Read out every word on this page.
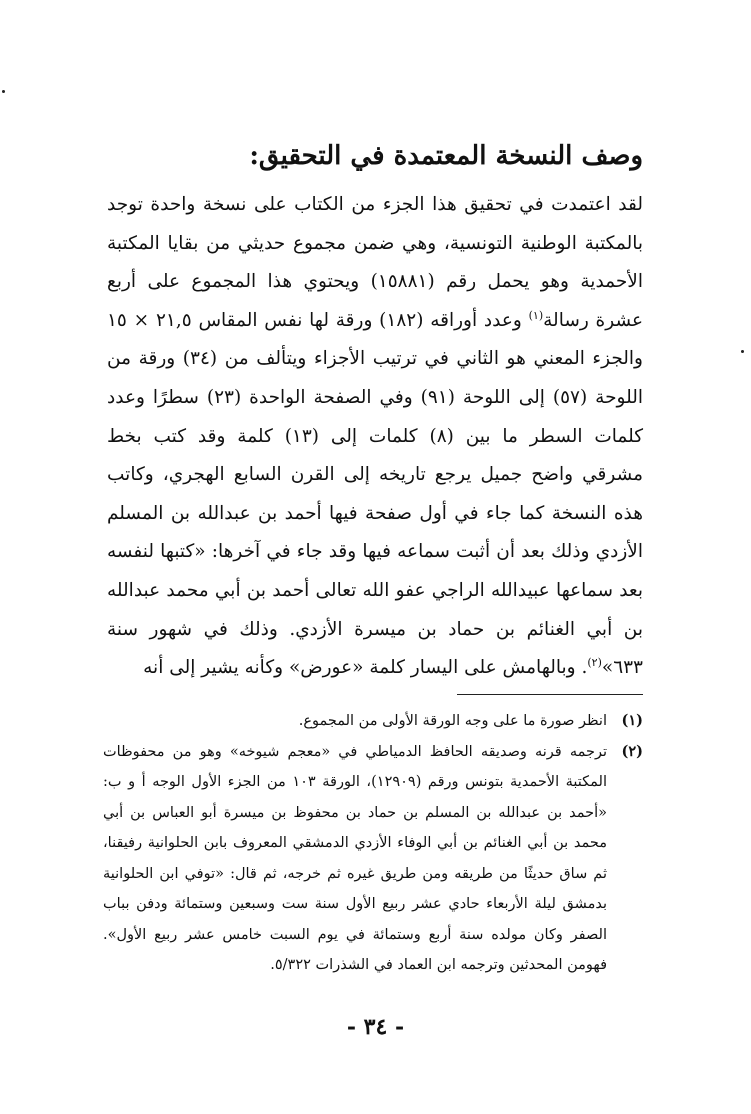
وصف النسخة المعتمدة في التحقيق:

لقد اعتمدت في تحقيق هذا الجزء من الكتاب على نسخة واحدة توجد بالمكتبة الوطنية التونسية، وهي ضمن مجموع حديثي من بقايا المكتبة الأحمدية وهو يحمل رقم (١٥٨٨١) ويحتوي هذا المجموع على أربع عشرة رسالة$^{(١)}$ وعدد أوراقه (١٨٢) ورقة لها نفس المقاس ٢١,٥ × ١٥ والجزء المعني هو الثاني في ترتيب الأجزاء ويتألف من (٣٤) ورقة من اللوحة (٥٧) إلى اللوحة (٩١) وفي الصفحة الواحدة (٢٣) سطرًا وعدد كلمات السطر ما بين (٨) كلمات إلى (١٣) كلمة وقد كتب بخط مشرقي واضح جميل يرجع تاريخه إلى القرن السابع الهجري، وكاتب هذه النسخة كما جاء في أول صفحة فيها أحمد بن عبدالله بن المسلم الأزدي وذلك بعد أن أثبت سماعه فيها وقد جاء في آخرها: «كتبها لنفسه بعد سماعها عبيدالله الراجي عفو الله تعالى أحمد بن أبي محمد عبدالله بن أبي الغنائم بن حماد بن ميسرة الأزدي. وذلك في شهور سنة ٦٣٣»$^{(٢)}$. وبالهامش على اليسار كلمة «عورض» وكأنه يشير إلى أنه

(١)
انظر صورة ما على وجه الورقة الأولى من المجموع.
(٢)
ترجمه قرنه وصديقه الحافظ الدمياطي في «معجم شيوخه» وهو من محفوظات المكتبة الأحمدية بتونس ورقم (١٢٩٠٩)، الورقة ١٠٣ من الجزء الأول الوجه أ و ب: «أحمد بن عبدالله بن المسلم بن حماد بن محفوظ بن ميسرة أبو العباس بن أبي محمد بن أبي الغنائم بن أبي الوفاء الأزدي الدمشقي المعروف بابن الحلوانية رفيقنا، ثم ساق حديثًا من طريقه ومن طريق غيره ثم خرجه، ثم قال: «توفي ابن الحلوانية بدمشق ليلة الأربعاء حادي عشر ربيع الأول سنة ست وسبعين وستمائة ودفن بباب الصفر وكان مولده سنة أربع وستمائة في يوم السبت خامس عشر ربيع الأول». فهومن المحدثين وترجمه ابن العماد في الشذرات ٥/٣٢٢.
- ٣٤ -
